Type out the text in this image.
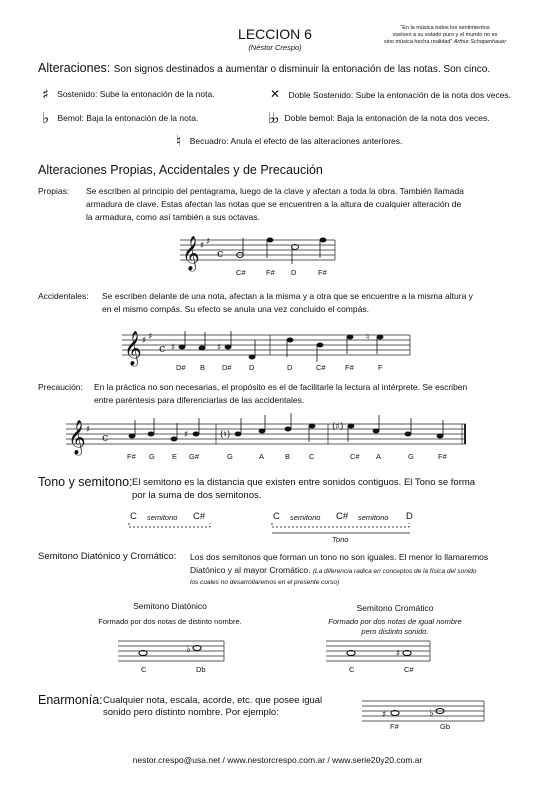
LECCION 6
(Néstor Crespo)
“En la música todos los sentimientos
vuelven a su estado puro y el mundo no es
sino música hecha realidad” Arthur Schopenhauer
Alteraciones: Son signos destinados a aumentar o disminuir la entonación de las notas. Son cinco.
♯ Sostenido: Sube la entonación de la nota.	✕ Doble Sostenido: Sube la entonación de la nota dos veces.
♭ Bemol: Baja la entonación de la nota.	♭♭ Doble bemol: Baja la entonación de la nota dos veces.
♮ Becuadro: Anula el efecto de las alteraciones anteriores.
Alteraciones Propias, Accidentales y de Precaución
Propias: Se escriben al principio del pentagrama, luego de la clave y afectan a toda la obra. También llamada
armadura de clave. Estas afectan las notas que se encuentren a la altura de cualquier alteración de
la armadura, como así también a sus octavas.
𝄞 ♯ ♯
c
C#	F# D	F#
Accidentales: Se escriben delante de una nota, afectan a la misma y a otra que se encuentre a la misma altura y
en el mismo compás. Su efecto se anula una vez concluido el compás.
𝄞 ♯ ♯
c ♯	♯
♮
D# B D# D	D	C#	F#	F
Precaución: En la práctica no son necesarias, el propósito es el de facilitarle la lectura al intérprete. Se escriben
entre paréntesis para diferenciarlas de las accidentales.
𝄞 ♯
c	♯	(♮)
(♯)
F# G E G#	G	A	B	C	C# A	G	F#
Tono y semitono: El semitono es la distancia que existen entre sonidos contiguos. El Tono se forma
por la suma de dos semitonos.
C semitono C#	C semitono C# semitono D
Tono
Semitono Diatónico y Cromático: Los dos semitonos que forman un tono no son iguales. El menor lo llamaremos
Diatónico y al mayor Cromático. (La diferencia radica en conceptos de la física del sonido
los cuales no desarrollaremos en el presente curso)
Semitono Diatónico
Formado por dos notas de distinto nombre.
♭
C	Db
Semitono Cromático
Formado por dos notas de igual nombre
pero distinto sonido.
♯
C	C#
Enarmonía: Cualquier nota, escala, acorde, etc. que posee igual
sonido pero distinto nombre. Por ejemplo:	♯	♭
F#	Gb
nestor.crespo@usa.net / www.nestorcrespo.com.ar / www.serie20y20.com.ar
